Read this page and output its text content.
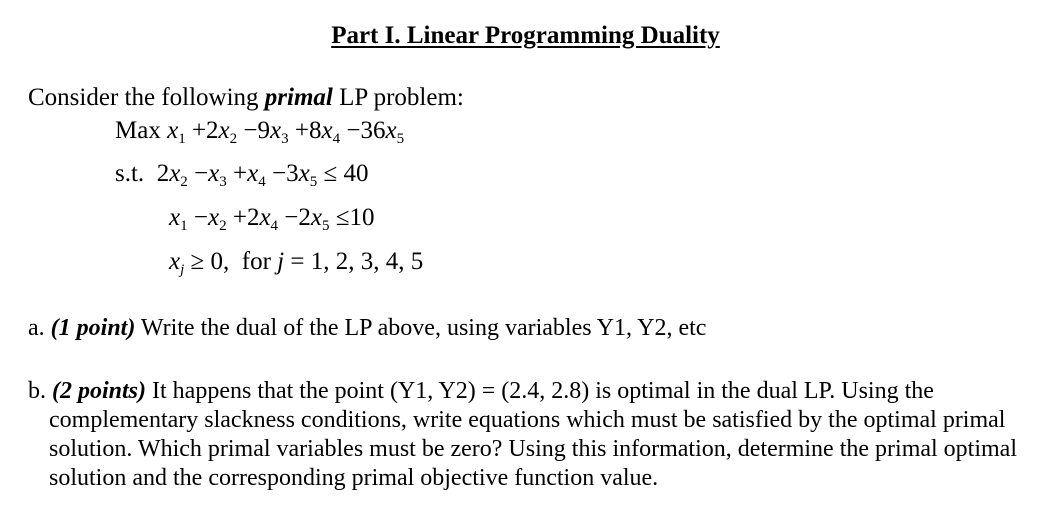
Part I. Linear Programming Duality
Consider the following primal LP problem:
Max $x_1 +2x_2 -9x_3 +8x_4 -36x_5$
s.t. $2x_2 -x_3 +x_4 -3x_5 \le 40$
$x_1 -x_2 +2x_4 -2x_5 \le 10$
$x_j \ge 0$, for j = 1, 2, 3, 4, 5
a. (1 point) Write the dual of the LP above, using variables Y1, Y2, etc
b. (2 points) It happens that the point (Y1, Y2) = (2.4, 2.8) is optimal in the dual LP. Using the
complementary slackness conditions, write equations which must be satisfied by the optimal primal solution. Which primal variables must be zero? Using this information, determine the primal optimal solution and the corresponding primal objective function value.
